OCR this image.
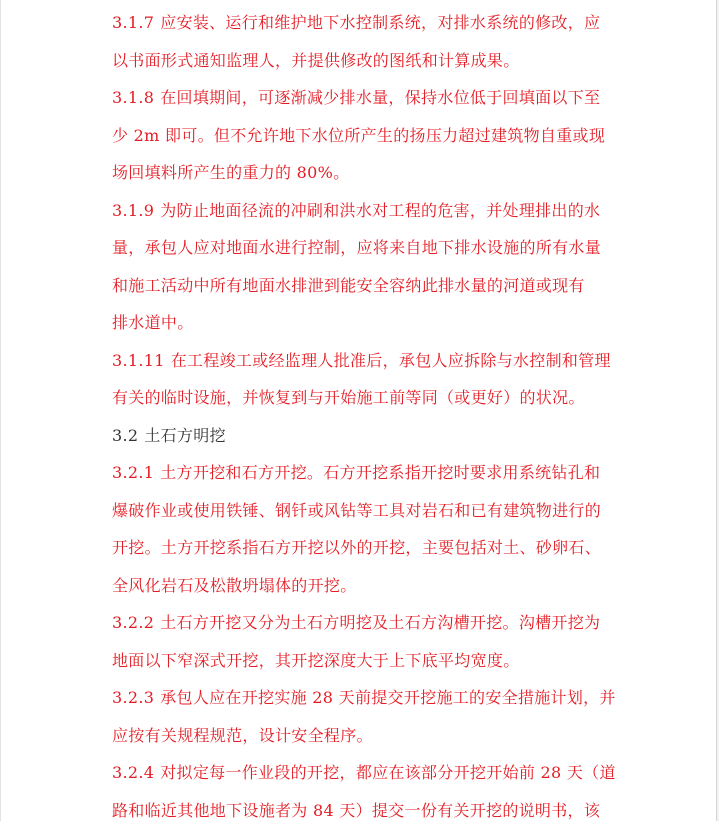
3.1.7 应安装、运行和维护地下水控制系统，对排水系统的修改，应
以书面形式通知监理人，并提供修改的图纸和计算成果。
3.1.8 在回填期间，可逐渐减少排水量，保持水位低于回填面以下至
少 2m 即可。但不允许地下水位所产生的扬压力超过建筑物自重或现
场回填料所产生的重力的 80%。
3.1.9 为防止地面径流的冲刷和洪水对工程的危害，并处理排出的水
量，承包人应对地面水进行控制，应将来自地下排水设施的所有水量
和施工活动中所有地面水排泄到能安全容纳此排水量的河道或现有
排水道中。
3.1.11 在工程竣工或经监理人批准后，承包人应拆除与水控制和管理
有关的临时设施，并恢复到与开始施工前等同（或更好）的状况。
3.2 土石方明挖
3.2.1 土方开挖和石方开挖。石方开挖系指开挖时要求用系统钻孔和
爆破作业或使用铁锤、钢钎或风钻等工具对岩石和已有建筑物进行的
开挖。土方开挖系指石方开挖以外的开挖，主要包括对土、砂卵石、
全风化岩石及松散坍塌体的开挖。
3.2.2 土石方开挖又分为土石方明挖及土石方沟槽开挖。沟槽开挖为
地面以下窄深式开挖，其开挖深度大于上下底平均宽度。
3.2.3 承包人应在开挖实施 28 天前提交开挖施工的安全措施计划，并
应按有关规程规范，设计安全程序。
3.2.4 对拟定每一作业段的开挖，都应在该部分开挖开始前 28 天（道
路和临近其他地下设施者为 84 天）提交一份有关开挖的说明书，该
